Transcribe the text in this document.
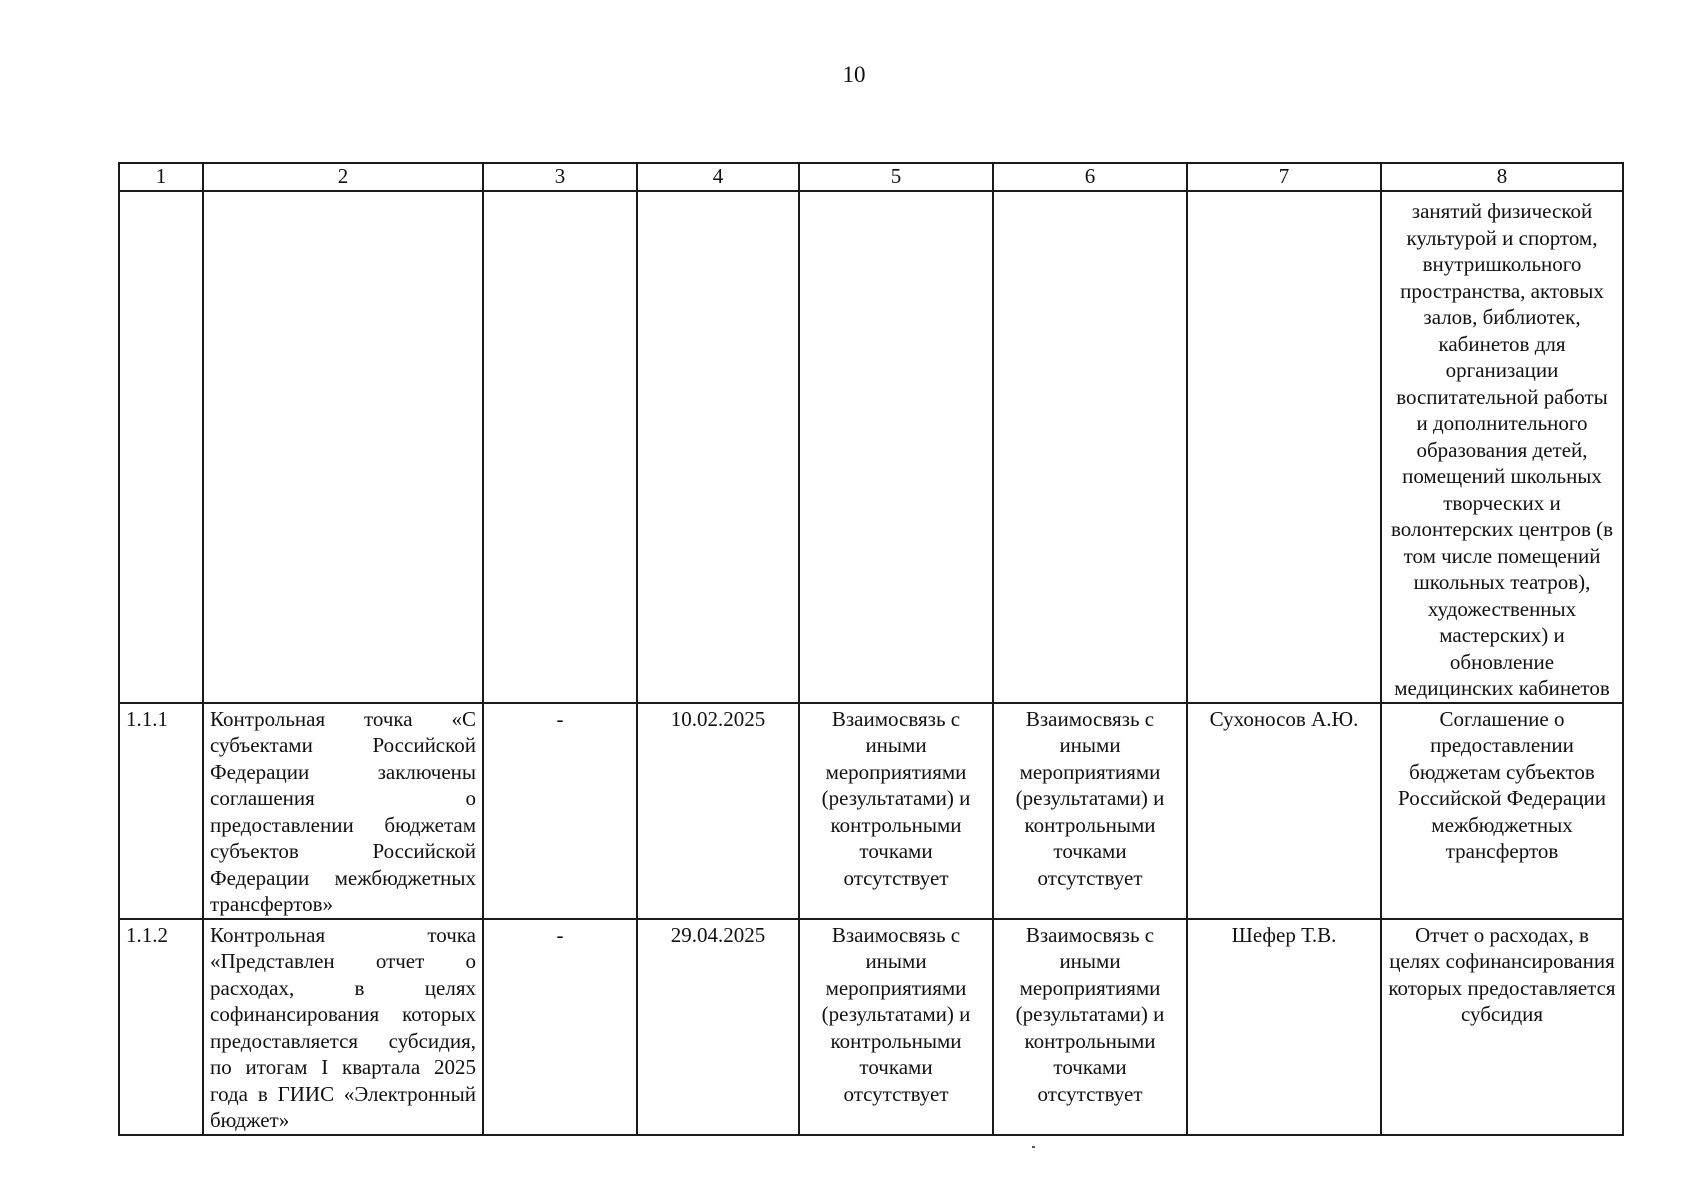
10
1	2	3	4	5	6	7	8
							занятий физической культурой и спортом, внутришкольного пространства, актовых залов, библиотек, кабинетов для организации воспитательной работы и дополнительного образования детей, помещений школьных творческих и волонтерских центров (в том числе помещений школьных театров), художественных мастерских) и обновление медицинских кабинетов
1.1.1	Контрольная точка «С субъектами Российской Федерации заключены соглашения о предоставлении бюджетам субъектов Российской Федерации межбюджетных трансфертов»	-	10.02.2025	Взаимосвязь с иными мероприятиями (результатами) и контрольными точками отсутствует	Взаимосвязь с иными мероприятиями (результатами) и контрольными точками отсутствует	Сухоносов А.Ю.	Соглашение о предоставлении бюджетам субъектов Российской Федерации межбюджетных трансфертов
1.1.2	Контрольная точка «Представлен отчет о расходах, в целях софинансирования которых предоставляется субсидия, по итогам I квартала 2025 года в ГИИС «Электронный бюджет»	-	29.04.2025	Взаимосвязь с иными мероприятиями (результатами) и контрольными точками отсутствует	Взаимосвязь с иными мероприятиями (результатами) и контрольными точками отсутствует	Шефер Т.В.	Отчет о расходах, в целях софинансирования которых предоставляется субсидия
